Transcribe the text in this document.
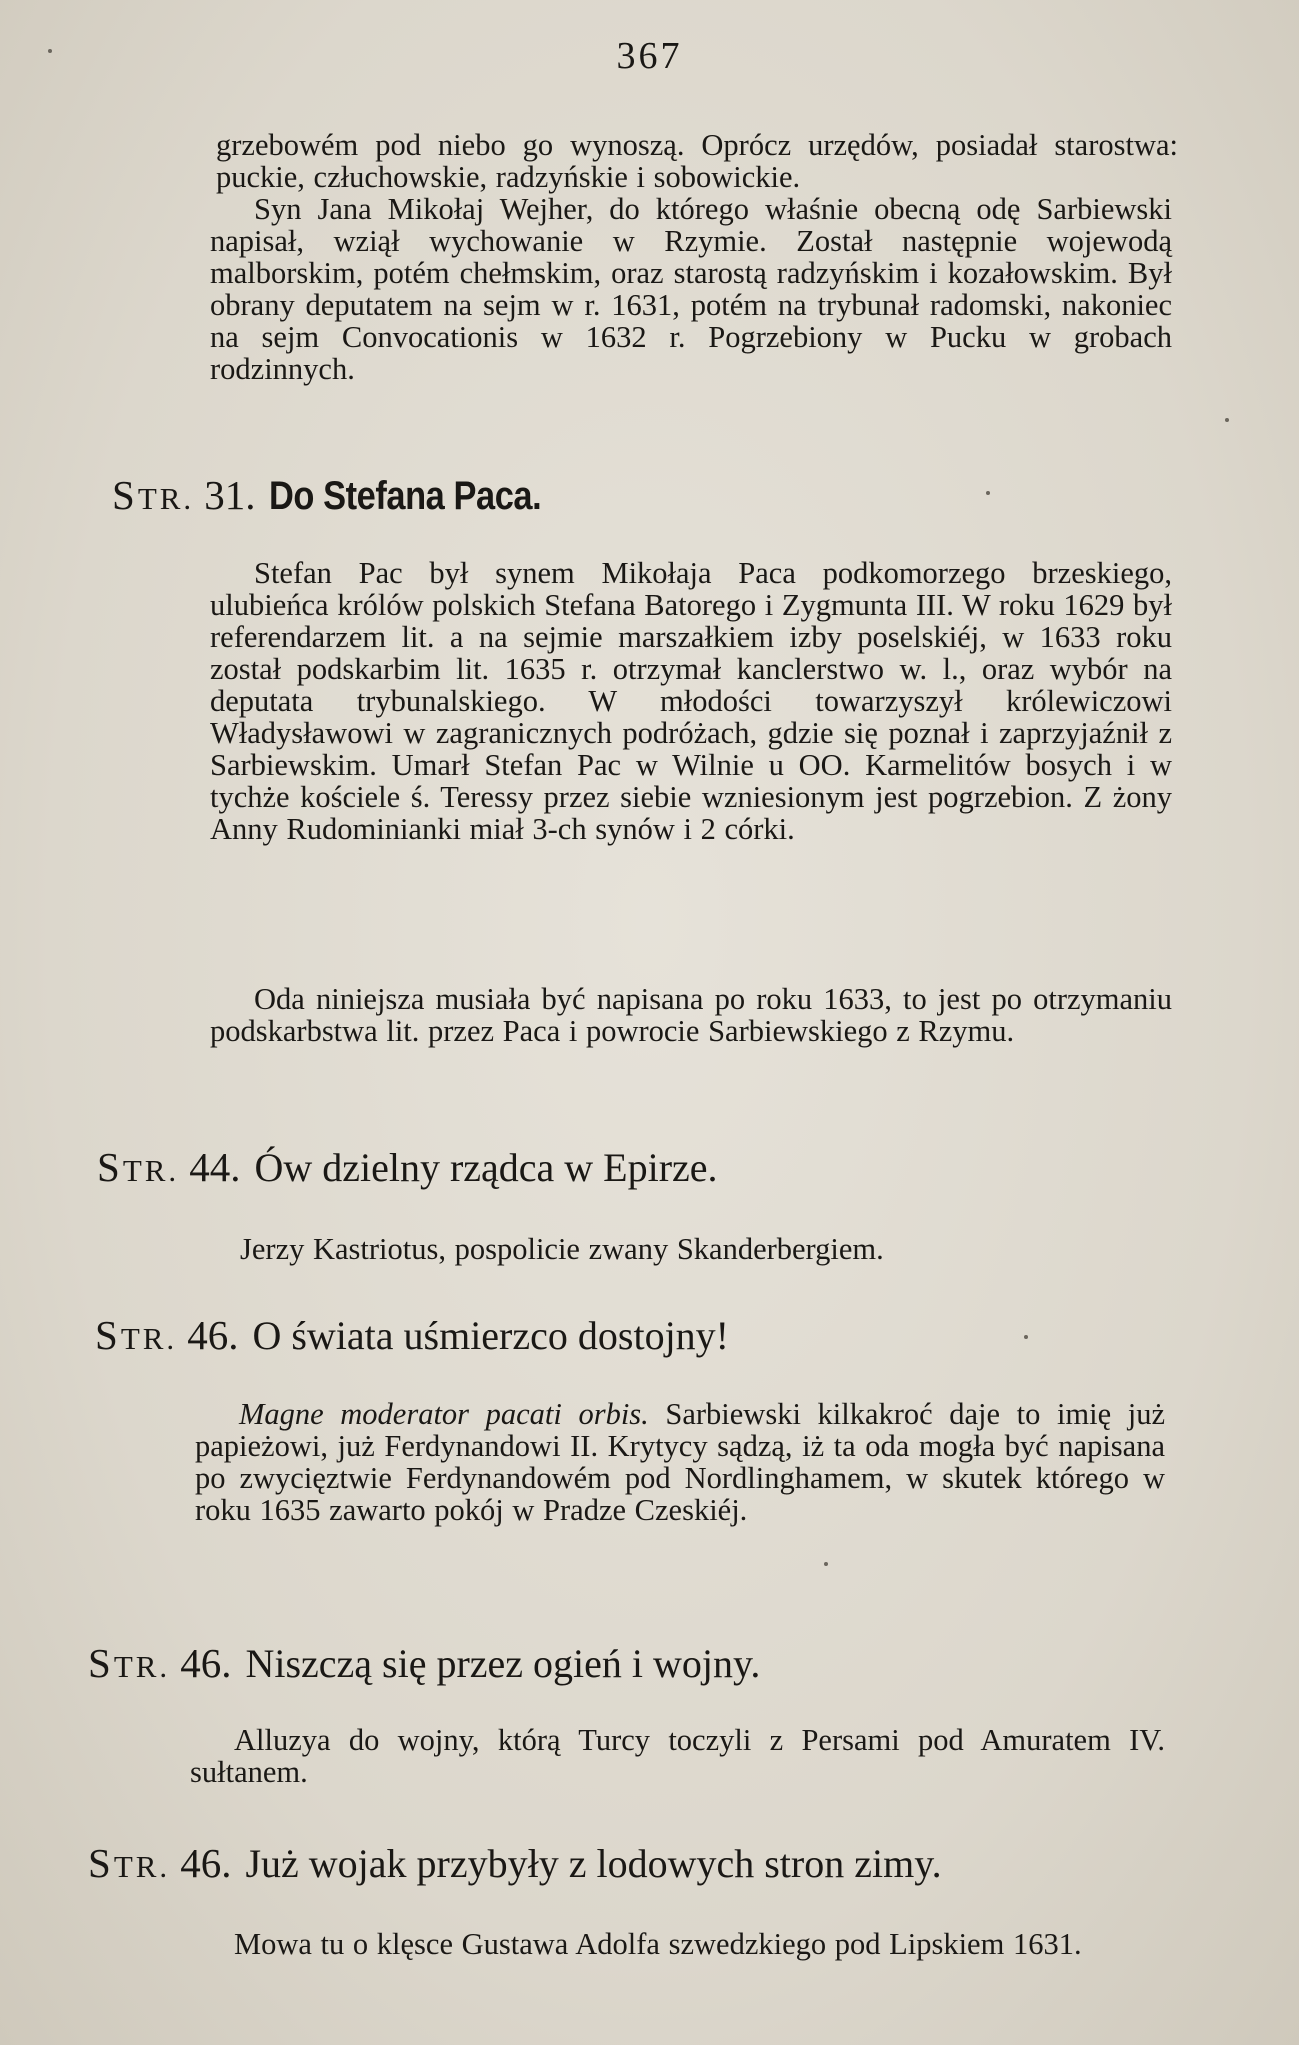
367

grzebowém pod niebo go wynoszą. Oprócz urzędów, posiadał starostwa: puckie, człuchowskie, radzyńskie i sobowickie.

Syn Jana Mikołaj Wejher, do którego właśnie obecną odę Sarbiewski napisał, wziął wychowanie w Rzymie. Został następnie wojewodą malborskim, potém chełmskim, oraz starostą radzyńskim i kozałowskim. Był obrany deputatem na sejm w r. 1631, potém na trybunał radomski, nakoniec na sejm Convocationis w 1632 r. Pogrzebiony w Pucku w grobach rodzinnych.

STR. 31. Do Stefana Paca.

Stefan Pac był synem Mikołaja Paca podkomorzego brzeskiego, ulubieńca królów polskich Stefana Batorego i Zygmunta III. W roku 1629 był referendarzem lit. a na sejmie marszałkiem izby poselskiéj, w 1633 roku został podskarbim lit. 1635 r. otrzymał kanclerstwo w. l., oraz wybór na deputata trybunalskiego. W młodości towarzyszył królewiczowi Władysławowi w zagranicznych podróżach, gdzie się poznał i zaprzyjaźnił z Sarbiewskim. Umarł Stefan Pac w Wilnie u OO. Karmelitów bosych i w tychże kościele ś. Teressy przez siebie wzniesionym jest pogrzebion. Z żony Anny Rudominianki miał 3-ch synów i 2 córki.

Oda niniejsza musiała być napisana po roku 1633, to jest po otrzymaniu podskarbstwa lit. przez Paca i powrocie Sarbiewskiego z Rzymu.

STR. 44. Ów dzielny rządca w Epirze.

Jerzy Kastriotus, pospolicie zwany Skanderbergiem.

STR. 46. O świata uśmierzco dostojny!

Magne moderator pacati orbis. Sarbiewski kilkakroć daje to imię już papieżowi, już Ferdynandowi II. Krytycy sądzą, iż ta oda mogła być napisana po zwycięztwie Ferdynandowém pod Nordlinghamem, w skutek którego w roku 1635 zawarto pokój w Pradze Czeskiéj.

STR. 46. Niszczą się przez ogień i wojny.

Alluzya do wojny, którą Turcy toczyli z Persami pod Amuratem IV. sułtanem.

STR. 46. Już wojak przybyły z lodowych stron zimy.

Mowa tu o klęsce Gustawa Adolfa szwedzkiego pod Lipskiem 1631.
